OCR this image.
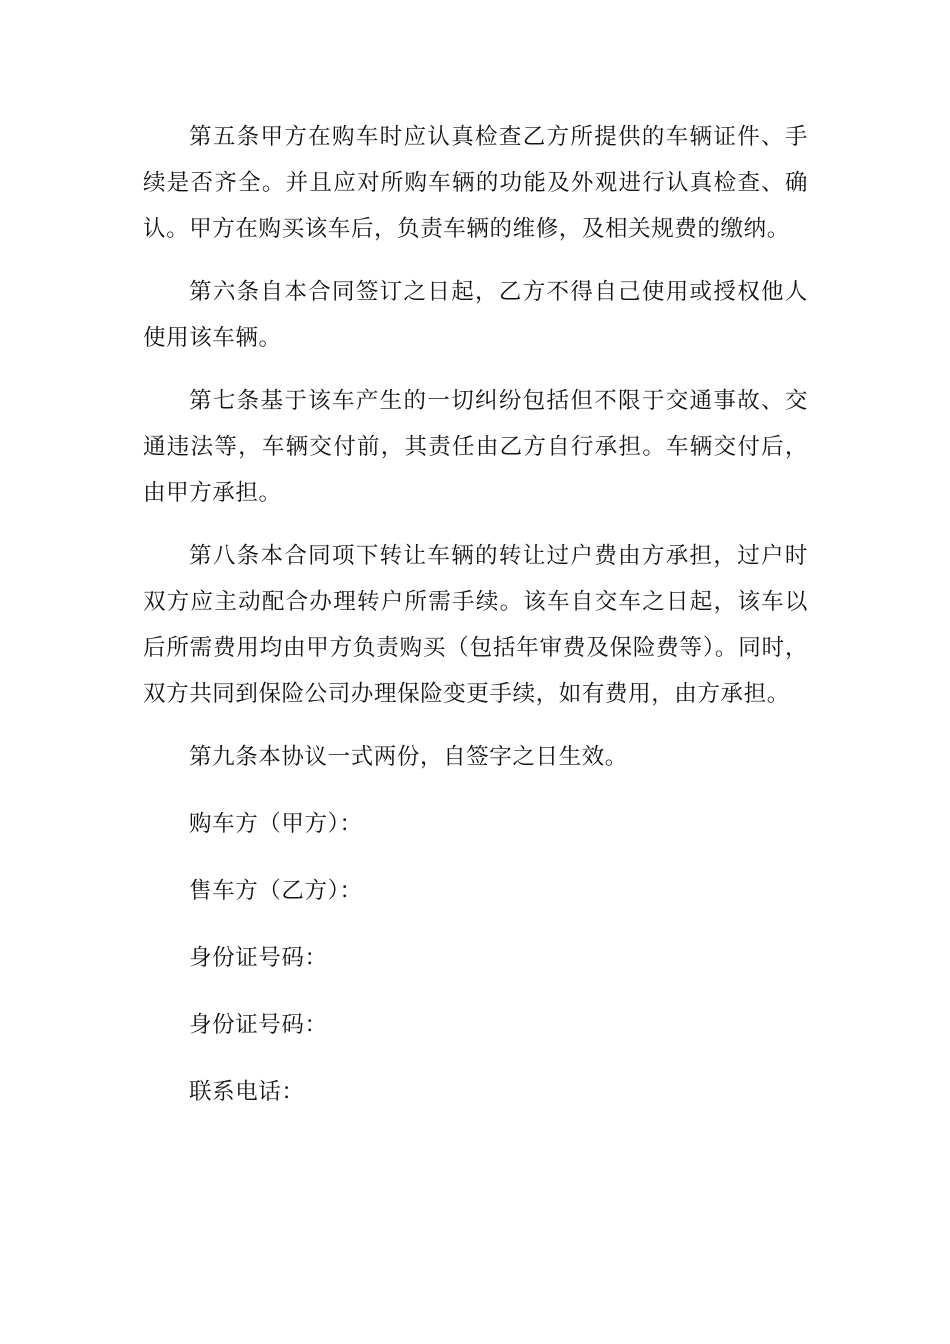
第五条甲方在购车时应认真检查乙方所提供的车辆证件、手续是否齐全。并且应对所购车辆的功能及外观进行认真检查、确认。甲方在购买该车后，负责车辆的维修，及相关规费的缴纳。

第六条自本合同签订之日起，乙方不得自己使用或授权他人使用该车辆。

第七条基于该车产生的一切纠纷包括但不限于交通事故、交通违法等，车辆交付前，其责任由乙方自行承担。车辆交付后，由甲方承担。

第八条本合同项下转让车辆的转让过户费由方承担，过户时双方应主动配合办理转户所需手续。该车自交车之日起，该车以后所需费用均由甲方负责购买（包括年审费及保险费等）。同时，双方共同到保险公司办理保险变更手续，如有费用，由方承担。

第九条本协议一式两份，自签字之日生效。

购车方（甲方）：

售车方（乙方）：

身份证号码：

身份证号码：

联系电话：
